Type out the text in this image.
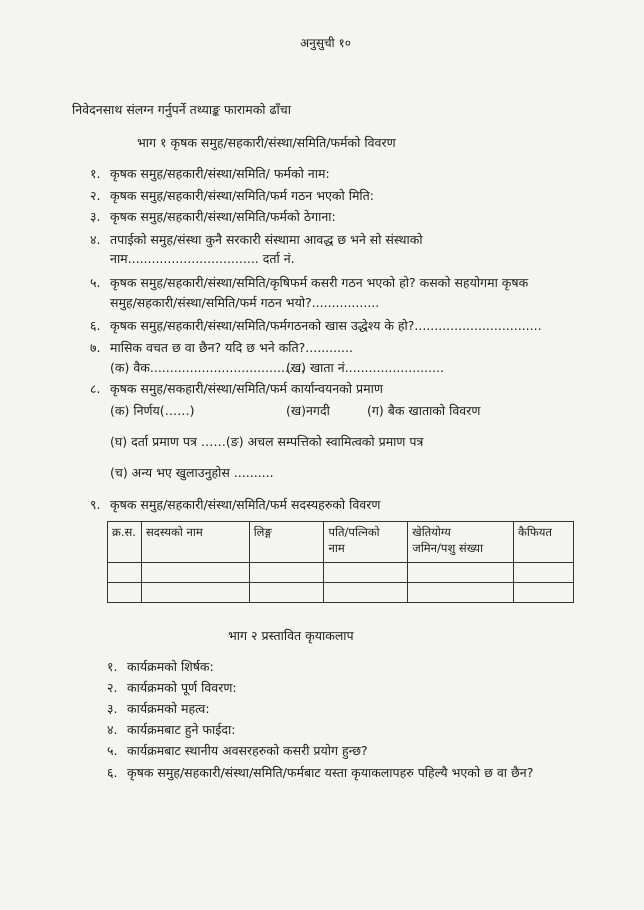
अनुसुची १०
निवेदनसाथ संलग्न गर्नुपर्ने तथ्याङ्क फारामको ढाँचा
भाग १ कृषक समुह/सहकारी/संस्था/समिति/फर्मको विवरण
१. कृषक समुह/सहकारी/संस्था/समिति/ फर्मको नाम:
२. कृषक समुह/सहकारी/संस्था/समिति/फर्म गठन भएको मिति:
३. कृषक समुह/सहकारी/संस्था/समिति/फर्मको ठेगाना:
४. तपाईको समुह/संस्था कुनै सरकारी संस्थामा आवद्ध छ भने सो संस्थाको
नाम................................. दर्ता नं.
५. कृषक समुह/सहकारी/संस्था/समिति/कृषिफर्म कसरी गठन भएको हो? कसको सहयोगमा कृषक
समुह/सहकारी/संस्था/समिति/फर्म गठन भयो?.................
६. कृषक समुह/सहकारी/संस्था/समिति/फर्मगठनको खास उद्धेश्य के हो?................................
७. मासिक वचत छ वा छैन? यदि छ भने कति?............
(क) वैक.......................................
(ख) खाता नं.........................
८. कृषक समुह/सकहारी/संस्था/समिति/फर्म कार्यान्वयनको प्रमाण
(क) निर्णय(……)	(ख)नगदी	(ग) बैक खाताको विवरण
(घ) दर्ता प्रमाण पत्र ……(ङ) अचल सम्पत्तिको स्वामित्वको प्रमाण पत्र
(च) अन्य भए खुलाउनुहोस ..........
९. कृषक समुह/सहकारी/संस्था/समिति/फर्म सदस्यहरुको विवरण
क्र.स.	सदस्यको नाम	लिङ्ग	पति/पत्निको
नाम	खेतियोग्य
जमिन/पशु संख्या	कैफियत

भाग २ प्रस्तावित कृयाकलाप
१. कार्यक्रमको शिर्षक:
२. कार्यक्रमको पूर्ण विवरण:
३. कार्यक्रमको महत्व:
४. कार्यक्रमबाट हुने फाईदा:
५. कार्यक्रमबाट स्थानीय अवसरहरुको कसरी प्रयोग हुन्छ?
६. कृषक समुह/सहकारी/संस्था/समिति/फर्मबाट यस्ता कृयाकलापहरु पहिल्यै भएको छ वा छैन?
